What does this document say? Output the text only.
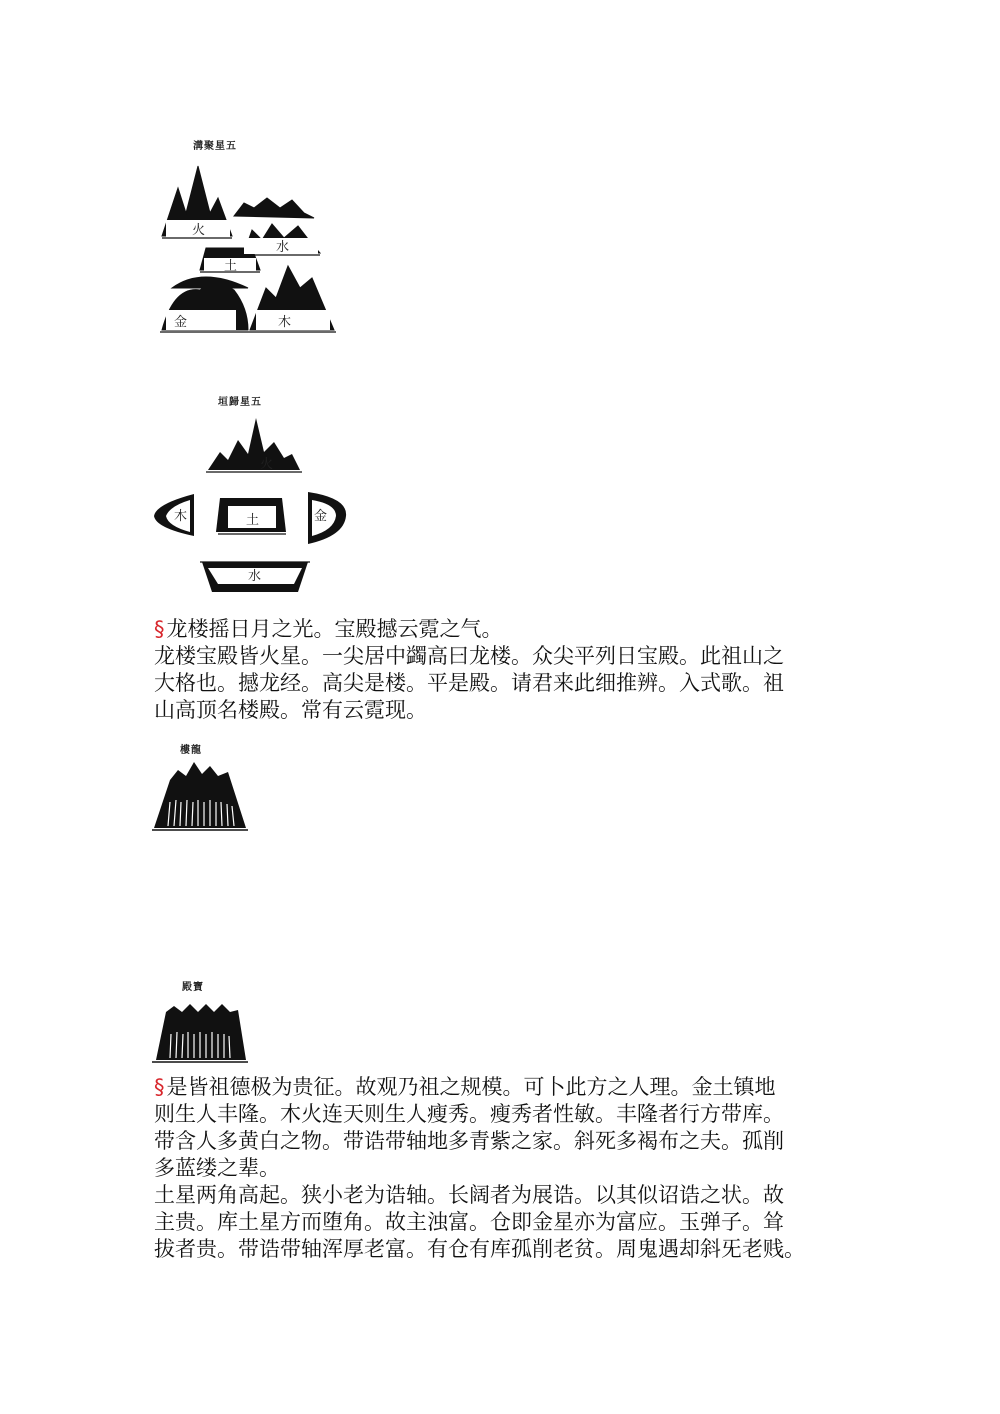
溝聚星五
火
水
土
金	木
垣歸星五
火
木	土	金
水

§龙楼摇日月之光。宝殿撼云霓之气。

龙楼宝殿皆火星。一尖居中蠲高曰龙楼。众尖平列日宝殿。此祖山之

大格也。撼龙经。高尖是楼。平是殿。请君来此细推辨。入式歌。祖

山高顶名楼殿。常有云霓现。

樓龍
殿寶

§是皆祖德极为贵征。故观乃祖之规模。可卜此方之人理。金土镇地

则生人丰隆。木火连天则生人瘦秀。瘦秀者性敏。丰隆者行方带库。

带含人多黄白之物。带诰带轴地多青紫之家。斜死多褐布之夫。孤削

多蓝缕之辈。

土星两角高起。狭小老为诰轴。长阔者为展诰。以其似诏诰之状。故

主贵。库土星方而堕角。故主浊富。仓即金星亦为富应。玉弹子。耸

拔者贵。带诰带轴浑厚老富。有仓有库孤削老贫。周鬼遇却斜旡老贱。
